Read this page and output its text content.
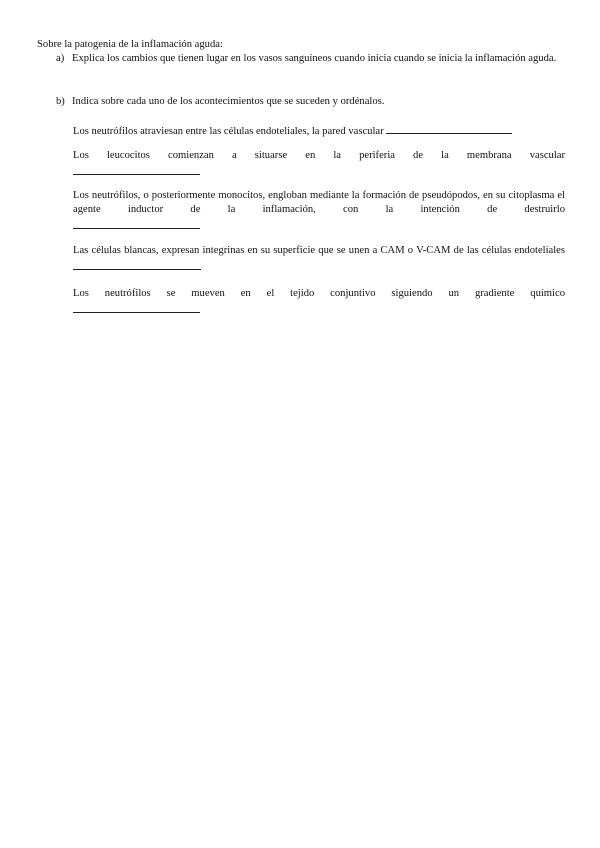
Sobre la patogenia de la inflamación aguda:
a) Explica los cambios que tienen lugar en los vasos sanguíneos cuando inicia cuando se inicia la inflamación aguda.
b) Indica sobre cada uno de los acontecimientos que se suceden y ordénalos.
Los neutrófilos atraviesan entre las células endoteliales, la pared vascular
Los leucocitos comienzan a situarse en la periferia de la membrana vascular
Los neutrófilos, o posteriormente monocitos, engloban mediante la formación de pseudópodos, en su citoplasma el agente inductor de la inflamación, con la intención de destruirlo
Las células blancas, expresan integrinas en su superficie que se unen a CAM o V-CAM de las células endoteliales
Los neutrófilos se mueven en el tejido conjuntivo siguiendo un gradiente químico
